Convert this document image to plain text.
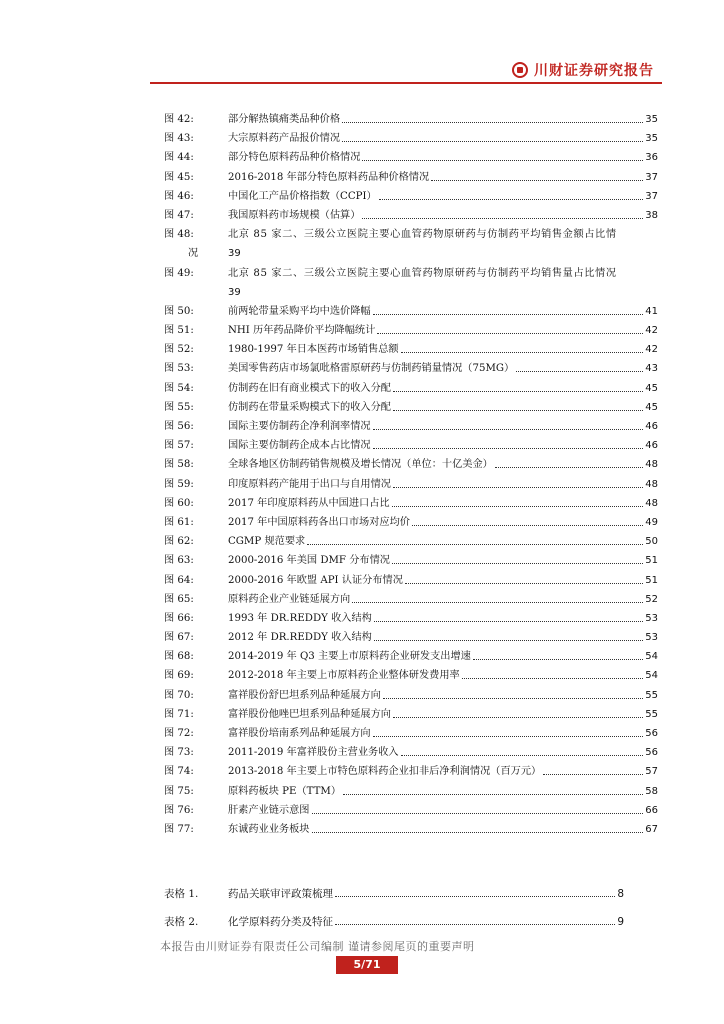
川财证券研究报告
图 42:	部分解热镇痛类品种价格	35
图 43:	大宗原料药产品报价情况	35
图 44:	部分特色原料药品种价格情况	36
图 45:	2016-2018 年部分特色原料药品种价格情况	37
图 46:	中国化工产品价格指数（CCPI）	37
图 47:	我国原料药市场规模（估算）	38
图 48:	北京 85 家二、三级公立医院主要心血管药物原研药与仿制药平均销售金额占比情
况	39
图 49:	北京 85 家二、三级公立医院主要心血管药物原研药与仿制药平均销售量占比情况
39
图 50:	前两轮带量采购平均中选价降幅	41
图 51:	NHI 历年药品降价平均降幅统计	42
图 52:	1980-1997 年日本医药市场销售总额	42
图 53:	美国零售药店市场氯吡格雷原研药与仿制药销量情况（75MG）	43
图 54:	仿制药在旧有商业模式下的收入分配	45
图 55:	仿制药在带量采购模式下的收入分配	45
图 56:	国际主要仿制药企净利润率情况	46
图 57:	国际主要仿制药企成本占比情况	46
图 58:	全球各地区仿制药销售规模及增长情况（单位：十亿美金）	48
图 59:	印度原料药产能用于出口与自用情况	48
图 60:	2017 年印度原料药从中国进口占比	48
图 61:	2017 年中国原料药各出口市场对应均价	49
图 62:	CGMP 规范要求	50
图 63:	2000-2016 年美国 DMF 分布情况	51
图 64:	2000-2016 年欧盟 API 认证分布情况	51
图 65:	原料药企业产业链延展方向	52
图 66:	1993 年 DR.REDDY 收入结构	53
图 67:	2012 年 DR.REDDY 收入结构	53
图 68:	2014-2019 年 Q3 主要上市原料药企业研发支出增速	54
图 69:	2012-2018 年主要上市原料药企业整体研发费用率	54
图 70:	富祥股份舒巴坦系列品种延展方向	55
图 71:	富祥股份他唑巴坦系列品种延展方向	55
图 72:	富祥股份培南系列品种延展方向	56
图 73:	2011-2019 年富祥股份主营业务收入	56
图 74:	2013-2018 年主要上市特色原料药企业扣非后净利润情况（百万元）	57
图 75:	原料药板块 PE（TTM）	58
图 76:	肝素产业链示意图	66
图 77:	东诚药业业务板块	67
表格 1.	药品关联审评政策梳理	8
表格 2.	化学原料药分类及特征	9
本报告由川财证券有限责任公司编制 谨请参阅尾页的重要声明
5/71
